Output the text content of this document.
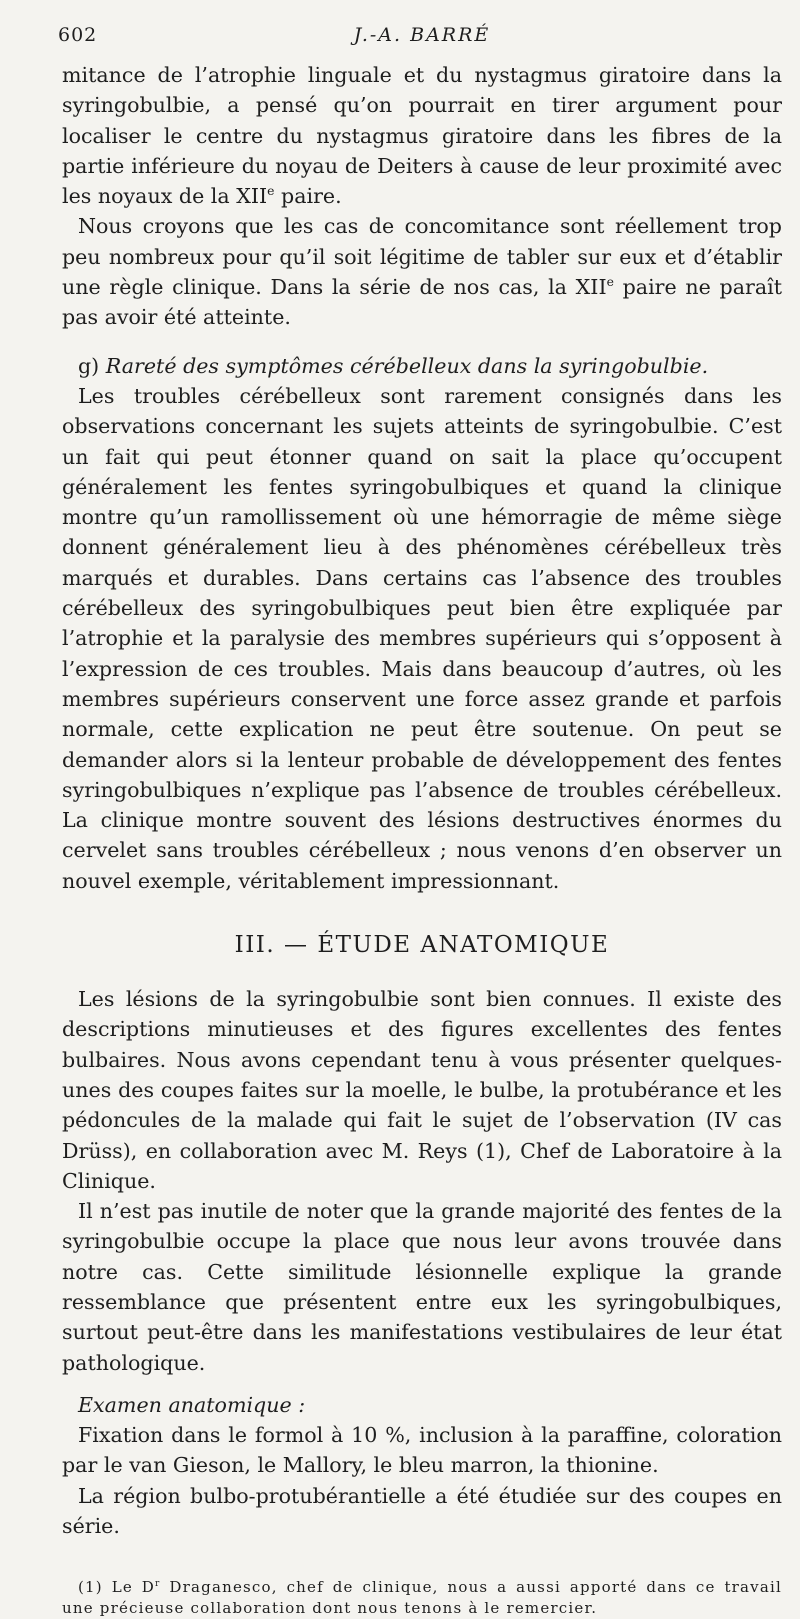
602	J.-A. BARRÉ

mitance de l’atrophie linguale et du nystagmus giratoire dans la syringobulbie, a pensé qu’on pourrait en tirer argument pour localiser le centre du nystagmus giratoire dans les fibres de la partie inférieure du noyau de Deiters à cause de leur proximité avec les noyaux de la XIIe paire.

Nous croyons que les cas de concomitance sont réellement trop peu nombreux pour qu’il soit légitime de tabler sur eux et d’établir une règle clinique. Dans la série de nos cas, la XIIe paire ne paraît pas avoir été atteinte.

g) Rareté des symptômes cérébelleux dans la syringobulbie.

Les troubles cérébelleux sont rarement consignés dans les observations concernant les sujets atteints de syringobulbie. C’est un fait qui peut étonner quand on sait la place qu’occupent généralement les fentes syringobulbiques et quand la clinique montre qu’un ramollissement où une hémorragie de même siège donnent généralement lieu à des phénomènes cérébelleux très marqués et durables. Dans certains cas l’absence des troubles cérébelleux des syringobulbiques peut bien être expliquée par l’atrophie et la paralysie des membres supérieurs qui s’opposent à l’expression de ces troubles. Mais dans beaucoup d’autres, où les membres supérieurs conservent une force assez grande et parfois normale, cette explication ne peut être soutenue. On peut se demander alors si la lenteur probable de développement des fentes syringobulbiques n’explique pas l’absence de troubles cérébelleux. La clinique montre souvent des lésions destructives énormes du cervelet sans troubles cérébelleux ; nous venons d’en observer un nouvel exemple, véritablement impressionnant.

III. — ÉTUDE ANATOMIQUE

Les lésions de la syringobulbie sont bien connues. Il existe des descriptions minutieuses et des figures excellentes des fentes bulbaires. Nous avons cependant tenu à vous présenter quelques-unes des coupes faites sur la moelle, le bulbe, la protubérance et les pédoncules de la malade qui fait le sujet de l’observation (IV cas Drüss), en collaboration avec M. Reys (1), Chef de Laboratoire à la Clinique.

Il n’est pas inutile de noter que la grande majorité des fentes de la syringobulbie occupe la place que nous leur avons trouvée dans notre cas. Cette similitude lésionnelle explique la grande ressemblance que présentent entre eux les syringobulbiques, surtout peut-être dans les manifestations vestibulaires de leur état pathologique.

Examen anatomique :

Fixation dans le formol à 10 %, inclusion à la paraffine, coloration par le van Gieson, le Mallory, le bleu marron, la thionine.

La région bulbo-protubérantielle a été étudiée sur des coupes en série.

(1) Le $D^r$ Draganesco, chef de clinique, nous a aussi apporté dans ce travail une précieuse collaboration dont nous tenons à le remercier.
